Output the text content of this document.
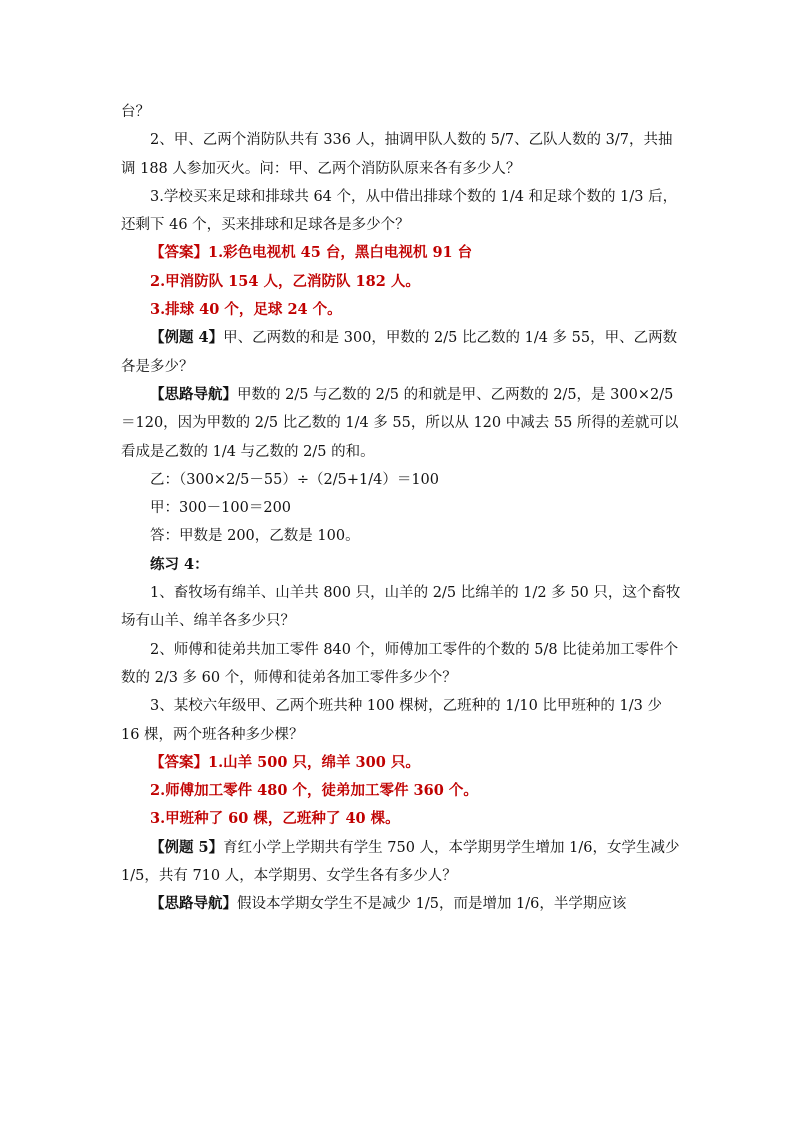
台？

2、甲、乙两个消防队共有 336 人，抽调甲队人数的 5/7、乙队人数的 3/7，共抽调 188 人参加灭火。问：甲、乙两个消防队原来各有多少人？

3.学校买来足球和排球共 64 个，从中借出排球个数的 1/4 和足球个数的 1/3 后，还剩下 46 个，买来排球和足球各是多少个？

【答案】1.彩色电视机 45 台，黑白电视机 91 台

2.甲消防队 154 人，乙消防队 182 人。

3.排球 40 个，足球 24 个。

【例题 4】甲、乙两数的和是 300，甲数的 2/5 比乙数的 1/4 多 55，甲、乙两数各是多少？

【思路导航】甲数的 2/5 与乙数的 2/5 的和就是甲、乙两数的 2/5，是 300×2/5＝120，因为甲数的 2/5 比乙数的 1/4 多 55，所以从 120 中减去 55 所得的差就可以看成是乙数的 1/4 与乙数的 2/5 的和。

乙：（300×2/5－55）÷（2/5+1/4）＝100

甲：300－100＝200

答：甲数是 200，乙数是 100。

练习 4：

1、畜牧场有绵羊、山羊共 800 只，山羊的 2/5 比绵羊的 1/2 多 50 只，这个畜牧场有山羊、绵羊各多少只？

2、师傅和徒弟共加工零件 840 个，师傅加工零件的个数的 5/8 比徒弟加工零件个数的 2/3 多 60 个，师傅和徒弟各加工零件多少个？

3、某校六年级甲、乙两个班共种 100 棵树，乙班种的 1/10 比甲班种的 1/3 少 16 棵，两个班各种多少棵？

【答案】1.山羊 500 只，绵羊 300 只。

2.师傅加工零件 480 个，徒弟加工零件 360 个。

3.甲班种了 60 棵，乙班种了 40 棵。

【例题 5】育红小学上学期共有学生 750 人，本学期男学生增加 1/6，女学生减少 1/5，共有 710 人，本学期男、女学生各有多少人？

【思路导航】假设本学期女学生不是减少 1/5，而是增加 1/6，半学期应该
